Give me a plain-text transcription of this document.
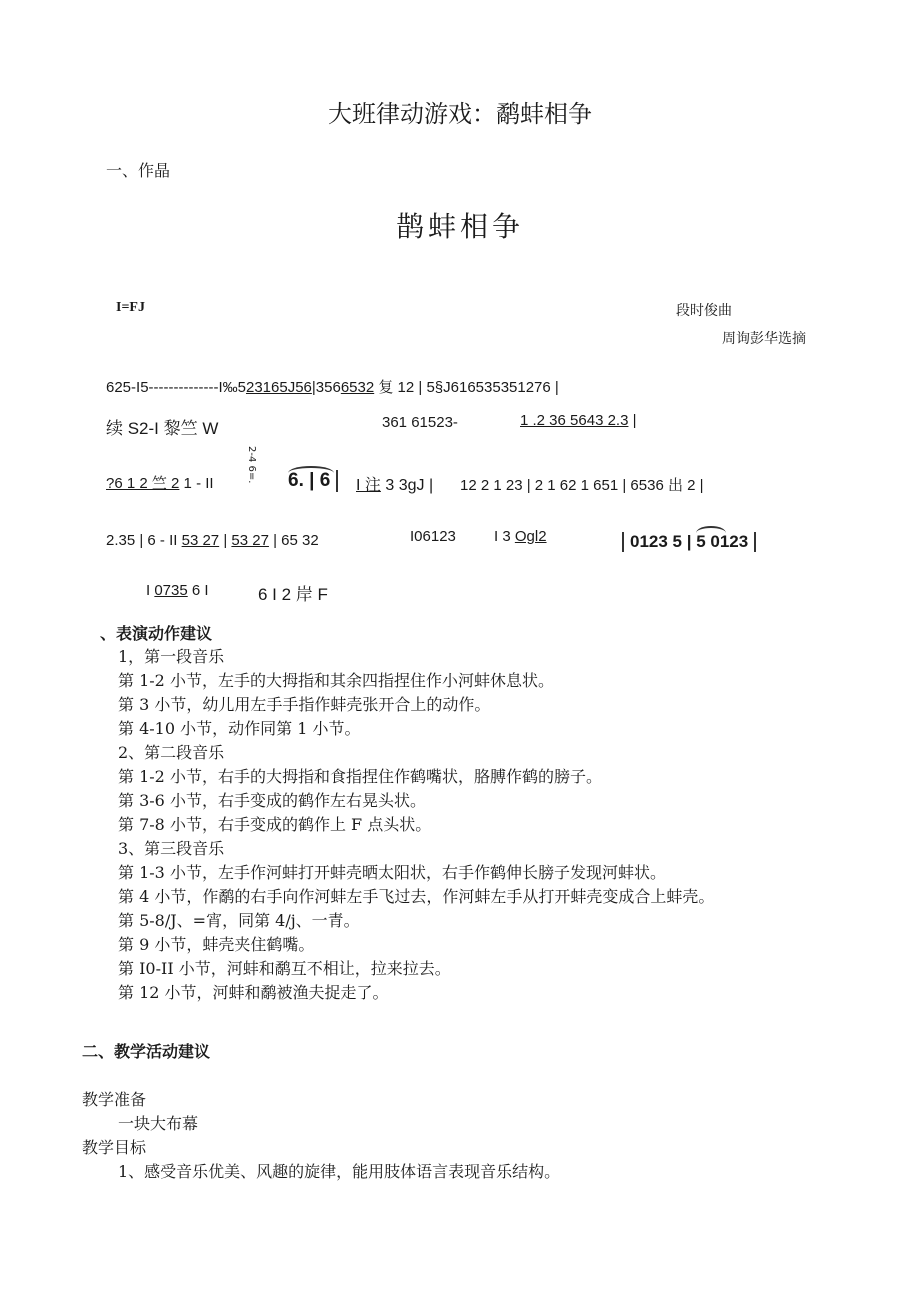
大班律动游戏：鹬蚌相争
一、作晶
鹊蚌相争
I=FJ	段时俊曲
周询彭华选摘
625-I5--------------I‰523165J56|3566532 复 12 | 5§J616535351276 |
续 S2-I 黎竺 W	361 61523-	1 .2 36 5643 2.3 |
?6 1 2 竺 2 1 - II
2-4 6=.	6. | 6	I 注 3 3gJ | 12 2 1 23 | 2 1 62 1 651 | 6536 出 2 |
2.35 | 6 - II 53 27 | 53 27 | 65 32	I06123	I 3 Ogl2	0123 5 | 5 0123
I 0735 6 I	6 I 2 岸 F
、表演动作建议
1，第一段音乐
第 1-2 小节，左手的大拇指和其余四指捏住作小河蚌休息状。
第 3 小节，幼儿用左手手指作蚌壳张开合上的动作。
第 4-10 小节，动作同第 1 小节。
2、第二段音乐
第 1-2 小节，右手的大拇指和食指捏住作鹤嘴状，胳膊作鹤的膀子。
第 3-6 小节，右手变成的鹤作左右晃头状。
第 7-8 小节，右手变成的鹤作上 F 点头状。
3、第三段音乐
第 1-3 小节，左手作河蚌打开蚌壳晒太阳状，右手作鹤伸长膀子发现河蚌状。
第 4 小节，作鹬的右手向作河蚌左手飞过去，作河蚌左手从打开蚌壳变成合上蚌壳。
第 5-8/J、=宵，同第 4/j、一青。
第 9 小节，蚌壳夹住鹤嘴。
第 I0-II 小节，河蚌和鹬互不相让，拉来拉去。
第 12 小节，河蚌和鹬被渔夫捉走了。
二、教学活动建议
教学准备
一块大布幕
教学目标
1、感受音乐优美、风趣的旋律，能用肢体语言表现音乐结构。
